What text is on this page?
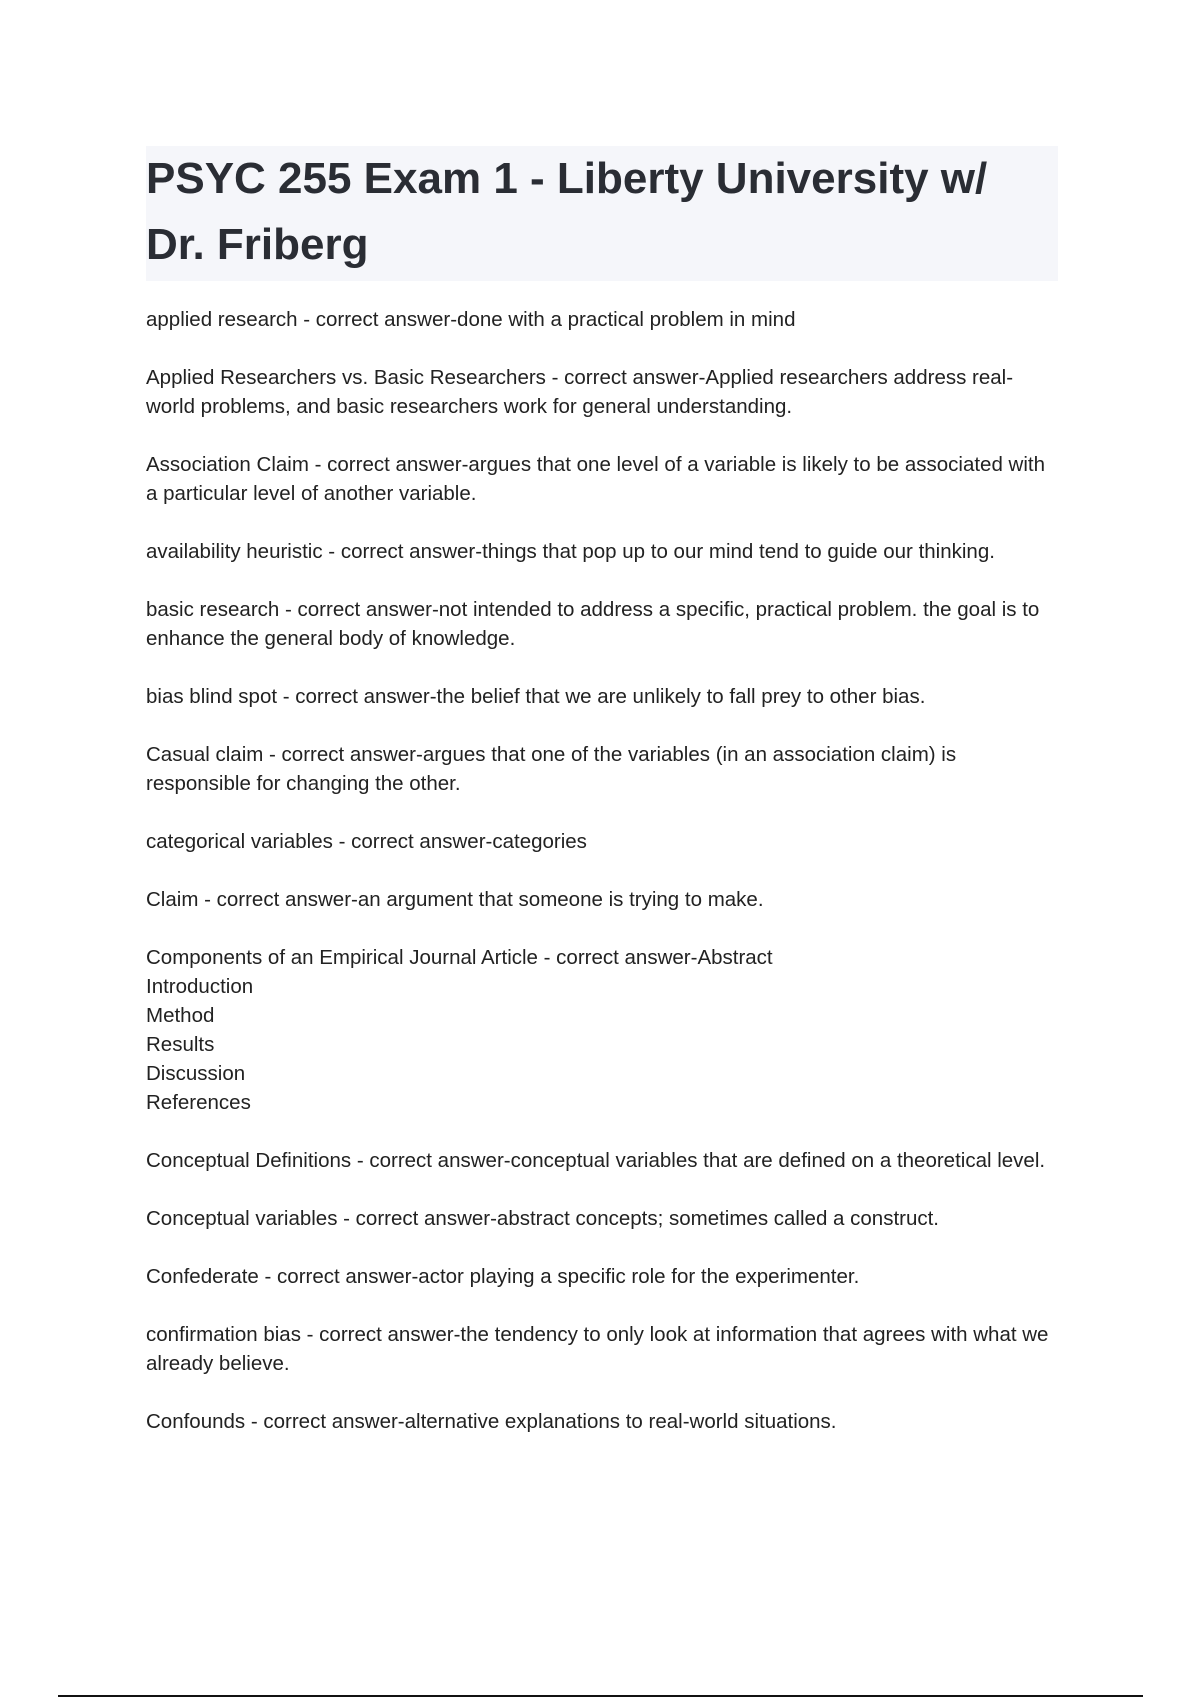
PSYC 255 Exam 1 - Liberty University w/ Dr. Friberg

applied research - correct answer-done with a practical problem in mind

Applied Researchers vs. Basic Researchers - correct answer-Applied researchers address real-world problems, and basic researchers work for general understanding.

Association Claim - correct answer-argues that one level of a variable is likely to be associated with a particular level of another variable.

availability heuristic - correct answer-things that pop up to our mind tend to guide our thinking.

basic research - correct answer-not intended to address a specific, practical problem. the goal is to enhance the general body of knowledge.

bias blind spot - correct answer-the belief that we are unlikely to fall prey to other bias.

Casual claim - correct answer-argues that one of the variables (in an association claim) is responsible for changing the other.

categorical variables - correct answer-categories

Claim - correct answer-an argument that someone is trying to make.

Components of an Empirical Journal Article - correct answer-Abstract
Introduction
Method
Results
Discussion
References

Conceptual Definitions - correct answer-conceptual variables that are defined on a theoretical level.

Conceptual variables - correct answer-abstract concepts; sometimes called a construct.

Confederate - correct answer-actor playing a specific role for the experimenter.

confirmation bias - correct answer-the tendency to only look at information that agrees with what we already believe.

Confounds - correct answer-alternative explanations to real-world situations.
